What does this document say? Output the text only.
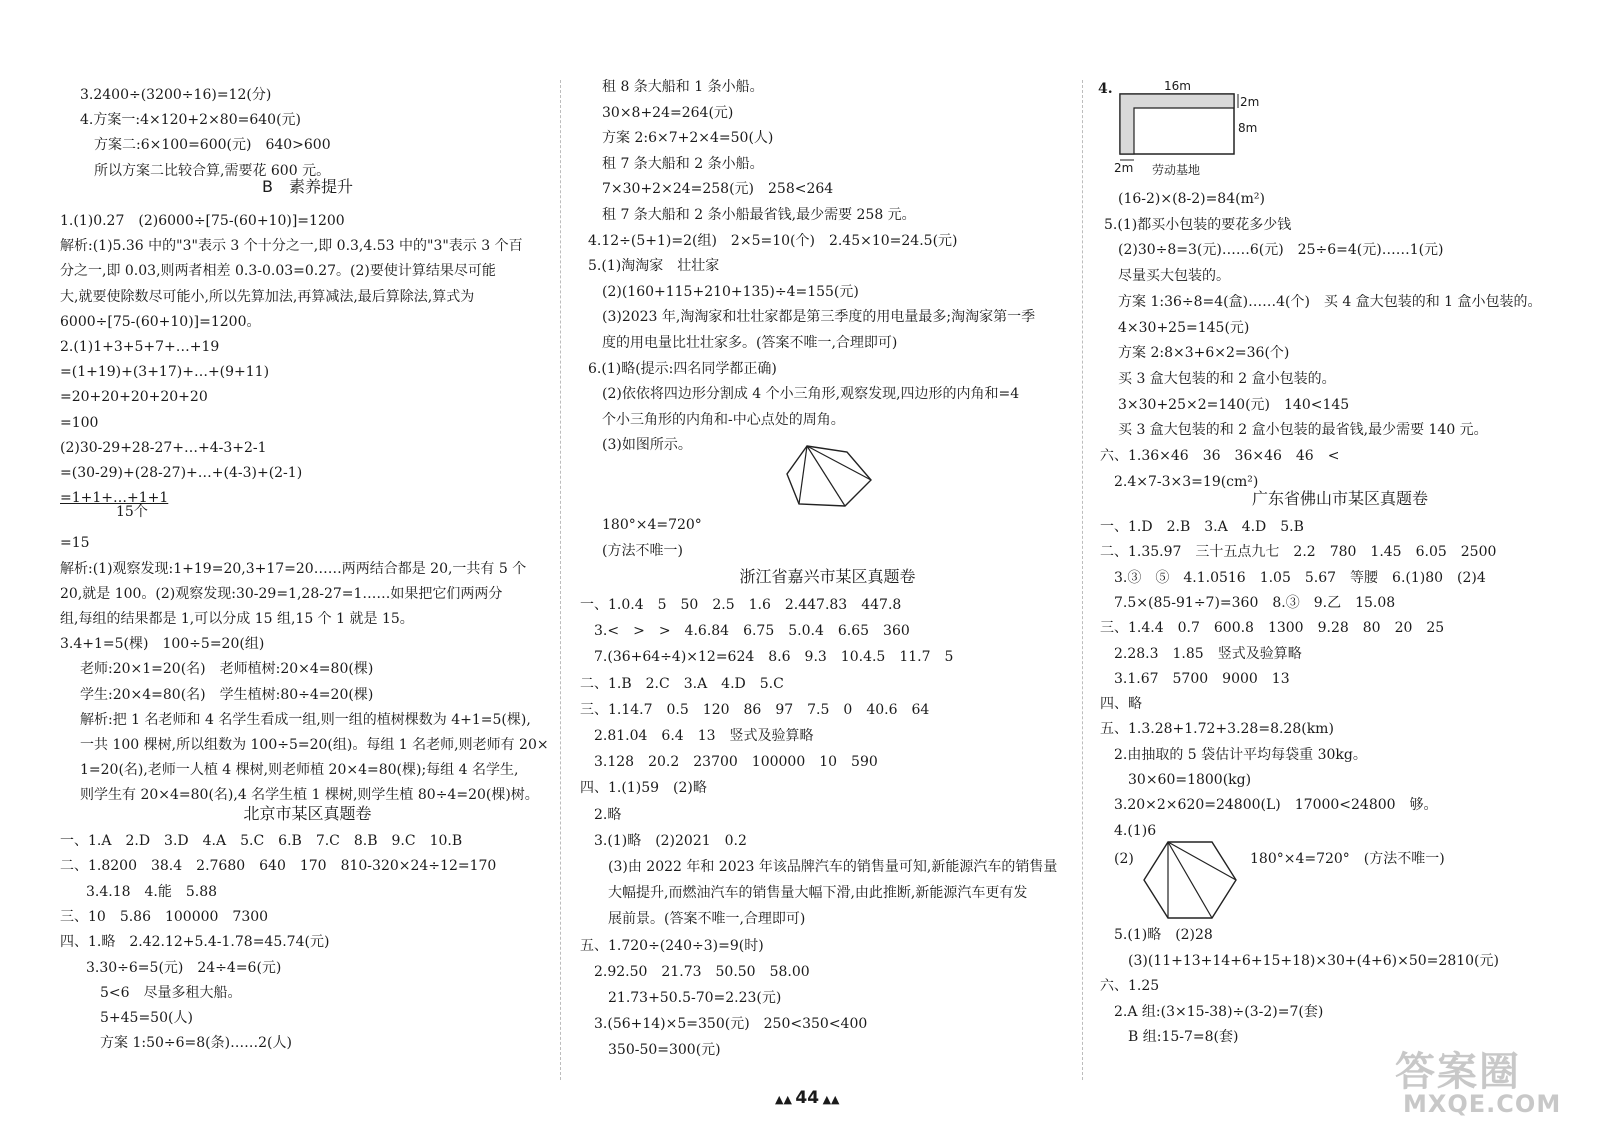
3.2400÷(3200÷16)=12(分)
4.方案一:4×120+2×80=640(元)
方案二:6×100=600(元)　640>600
所以方案二比较合算,需要花 600 元。
1.(1)0.27　(2)6000÷[75-(60+10)]=1200
解析:(1)5.36 中的"3"表示 3 个十分之一,即 0.3,4.53 中的"3"表示 3 个百
分之一,即 0.03,则两者相差 0.3-0.03=0.27。(2)要使计算结果尽可能
大,就要使除数尽可能小,所以先算加法,再算减法,最后算除法,算式为
6000÷[75-(60+10)]=1200。
2.(1)1+3+5+7+…+19
=(1+19)+(3+17)+…+(9+11)
=20+20+20+20+20
=100
(2)30-29+28-27+…+4-3+2-1
=(30-29)+(28-27)+…+(4-3)+(2-1)
=1+1+…+1+1
15个
=15
解析:(1)观察发现:1+19=20,3+17=20……两两结合都是 20,一共有 5 个
20,就是 100。(2)观察发现:30-29=1,28-27=1……如果把它们两两分
组,每组的结果都是 1,可以分成 15 组,15 个 1 就是 15。
3.4+1=5(棵)　100÷5=20(组)
老师:20×1=20(名)　老师植树:20×4=80(棵)
学生:20×4=80(名)　学生植树:80÷4=20(棵)
解析:把 1 名老师和 4 名学生看成一组,则一组的植树棵数为 4+1=5(棵),
一共 100 棵树,所以组数为 100÷5=20(组)。每组 1 名老师,则老师有 20×
1=20(名),老师一人植 4 棵树,则老师植 20×4=80(棵);每组 4 名学生,
则学生有 20×4=80(名),4 名学生植 1 棵树,则学生植 80÷4=20(棵)树。
B　素养提升
北京市某区真题卷
一、1.A　2.D　3.D　4.A　5.C　6.B　7.C　8.B　9.C　10.B
二、1.8200　38.4　2.7680　640　170　810-320×24÷12=170
3.4.18　4.能　5.88
三、10　5.86　100000　7300
四、1.略　2.42.12+5.4-1.78=45.74(元)
3.30÷6=5(元)　24÷4=6(元)
5<6　尽量多租大船。
5+45=50(人)
方案 1:50÷6=8(条)……2(人)
租 8 条大船和 1 条小船。
30×8+24=264(元)
方案 2:6×7+2×4=50(人)
租 7 条大船和 2 条小船。
7×30+2×24=258(元)　258<264
租 7 条大船和 2 条小船最省钱,最少需要 258 元。
4.12÷(5+1)=2(组)　2×5=10(个)　2.45×10=24.5(元)
5.(1)淘淘家　壮壮家
(2)(160+115+210+135)÷4=155(元)
(3)2023 年,淘淘家和壮壮家都是第三季度的用电量最多;淘淘家第一季
度的用电量比壮壮家多。(答案不唯一,合理即可)
6.(1)略(提示:四名同学都正确)
(2)依依将四边形分割成 4 个小三角形,观察发现,四边形的内角和=4
个小三角形的内角和-中心点处的周角。
(3)如图所示。
180°×4=720°
(方法不唯一)
浙江省嘉兴市某区真题卷
一、1.0.4　5　50　2.5　1.6　2.447.83　447.8
3.<　>　>　4.6.84　6.75　5.0.4　6.65　360
7.(36+64÷4)×12=624　8.6　9.3　10.4.5　11.7　5
二、1.B　2.C　3.A　4.D　5.C
三、1.14.7　0.5　120　86　97　7.5　0　40.6　64
2.81.04　6.4　13　竖式及验算略
3.128　20.2　23700　100000　10　590
四、1.(1)59　(2)略
2.略
3.(1)略　(2)2021　0.2
(3)由 2022 年和 2023 年该品牌汽车的销售量可知,新能源汽车的销售量
大幅提升,而燃油汽车的销售量大幅下滑,由此推断,新能源汽车更有发
展前景。(答案不唯一,合理即可)
五、1.720÷(240÷3)=9(时)
2.92.50　21.73　50.50　58.00
21.73+50.5-70=2.23(元)
3.(56+14)×5=350(元)　250<350<400
350-50=300(元)
4.	16m
2m
8m
2m 劳动基地
(16-2)×(8-2)=84(m²)
5.(1)都买小包装的要花多少钱
(2)30÷8=3(元)……6(元)　25÷6=4(元)……1(元)
尽量买大包装的。
方案 1:36÷8=4(盒)……4(个)　买 4 盒大包装的和 1 盒小包装的。
4×30+25=145(元)
方案 2:8×3+6×2=36(个)
买 3 盒大包装的和 2 盒小包装的。
3×30+25×2=140(元)　140<145
买 3 盒大包装的和 2 盒小包装的最省钱,最少需要 140 元。
六、1.36×46　36　36×46　46　<
2.4×7-3×3=19(cm²)
广东省佛山市某区真题卷
一、1.D　2.B　3.A　4.D　5.B
二、1.35.97　三十五点九七　2.2　780　1.45　6.05　2500
3.③　⑤　4.1.0516　1.05　5.67　等腰　6.(1)80　(2)4
7.5×(85-91÷7)=360　8.③　9.乙　15.08
三、1.4.4　0.7　600.8　1300　9.28　80　20　25
2.28.3　1.85　竖式及验算略
3.1.67　5700　9000　13
四、略
五、1.3.28+1.72+3.28=8.28(km)
2.由抽取的 5 袋估计平均每袋重 30kg。
30×60=1800(kg)
3.20×2×620=24800(L)　17000<24800　够。
4.(1)6
(2)	180°×4=720°　(方法不唯一)
5.(1)略　(2)28
(3)(11+13+14+6+15+18)×30+(4+6)×50=2810(元)
六、1.25
2.A 组:(3×15-38)÷(3-2)=7(套)
B 组:15-7=8(套)
▲▲ 44 ▲▲
答案圈
MXQE.COM
